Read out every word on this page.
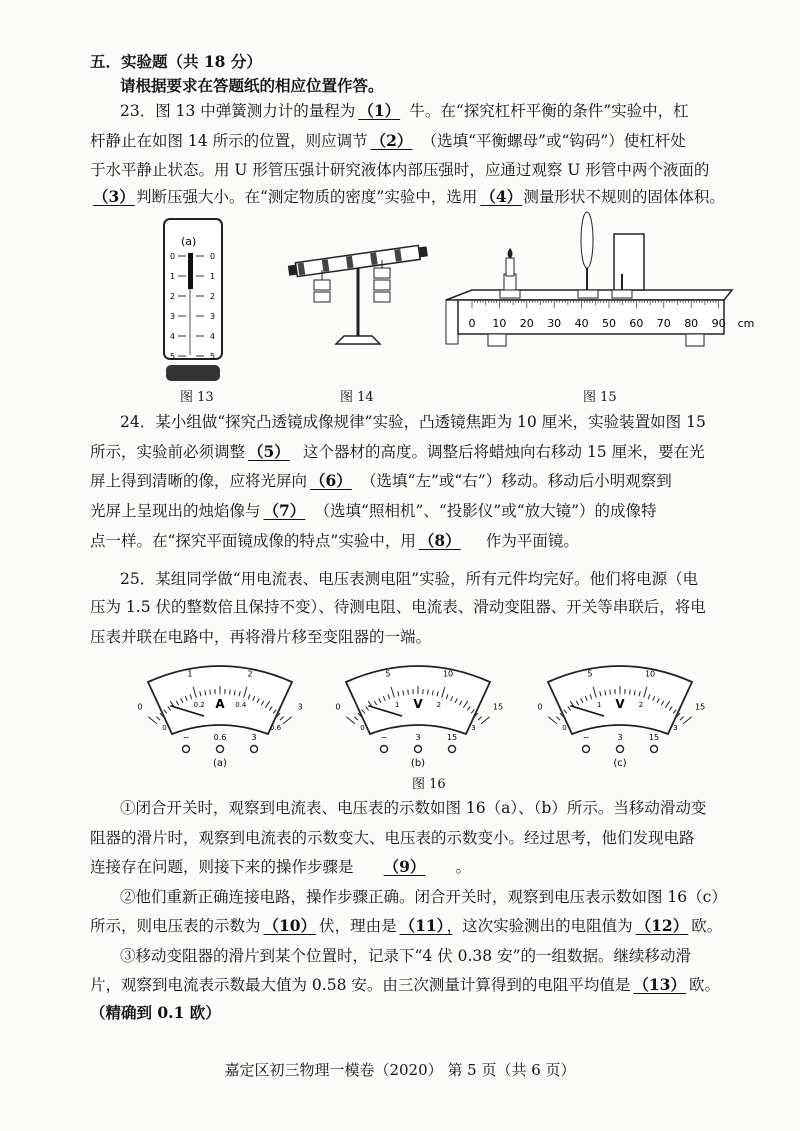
五．实验题（共 18 分）
请根据要求在答题纸的相应位置作答。
23．图 13 中弹簧测力计的量程为 （1） 牛。在“探究杠杆平衡的条件”实验中，杠
杆静止在如图 14 所示的位置，则应调节 （2） （选填“平衡螺母”或“钩码”）使杠杆处
于水平静止状态。用 U 形管压强计研究液体内部压强时，应通过观察 U 形管中两个液面的
（3）判断压强大小。在“测定物质的密度”实验中，选用 （4）测量形状不规则的固体体积。
0	0
1	1
2	2
3	3
4	4
5	5
(a)
图 13	图 14
0 10 20 30 40 50 60 70 80 90 cm
图 15
24．某小组做“探究凸透镜成像规律”实验，凸透镜焦距为 10 厘米，实验装置如图 15
所示，实验前必须调整 （5） 这个器材的高度。调整后将蜡烛向右移动 15 厘米，要在光
屏上得到清晰的像，应将光屏向 （6） （选填“左”或“右”）移动。移动后小明观察到
光屏上呈现出的烛焰像与 （7） （选填“照相机”、“投影仪”或“放大镜”）的成像特
点一样。在“探究平面镜成像的特点”实验中，用 （8） 作为平面镜。
25．某组同学做“用电流表、电压表测电阻”实验，所有元件均完好。他们将电源（电
压为 1.5 伏的整数倍且保持不变）、待测电阻、电流表、滑动变阻器、开关等串联后，将电
压表并联在电路中，再将滑片移至变阻器的一端。
0
1	2
3
0
0.2	0.4
0.6
A
−	0.6	3
(a)
0
5	10
15
0
1	2
3
V
−	3	15
(b)
0
5	10
15
0
1	2
3
V
−	3	15
(c)
图 16
①闭合开关时，观察到电流表、电压表的示数如图 16（a）、（b）所示。当移动滑动变
阻器的滑片时，观察到电流表的示数变大、电压表的示数变小。经过思考，他们发现电路
连接存在问题，则接下来的操作步骤是 （9） 。
②他们重新正确连接电路，操作步骤正确。闭合开关时，观察到电压表示数如图 16（c）
所示，则电压表的示数为 （10） 伏，理由是 （11），这次实验测出的电阻值为 （12） 欧。
③移动变阻器的滑片到某个位置时，记录下“4 伏 0.38 安”的一组数据。继续移动滑
片，观察到电流表示数最大值为 0.58 安。由三次测量计算得到的电阻平均值是 （13） 欧。
（精确到 0.1 欧）
嘉定区初三物理一模卷（2020） 第 5 页（共 6 页）
